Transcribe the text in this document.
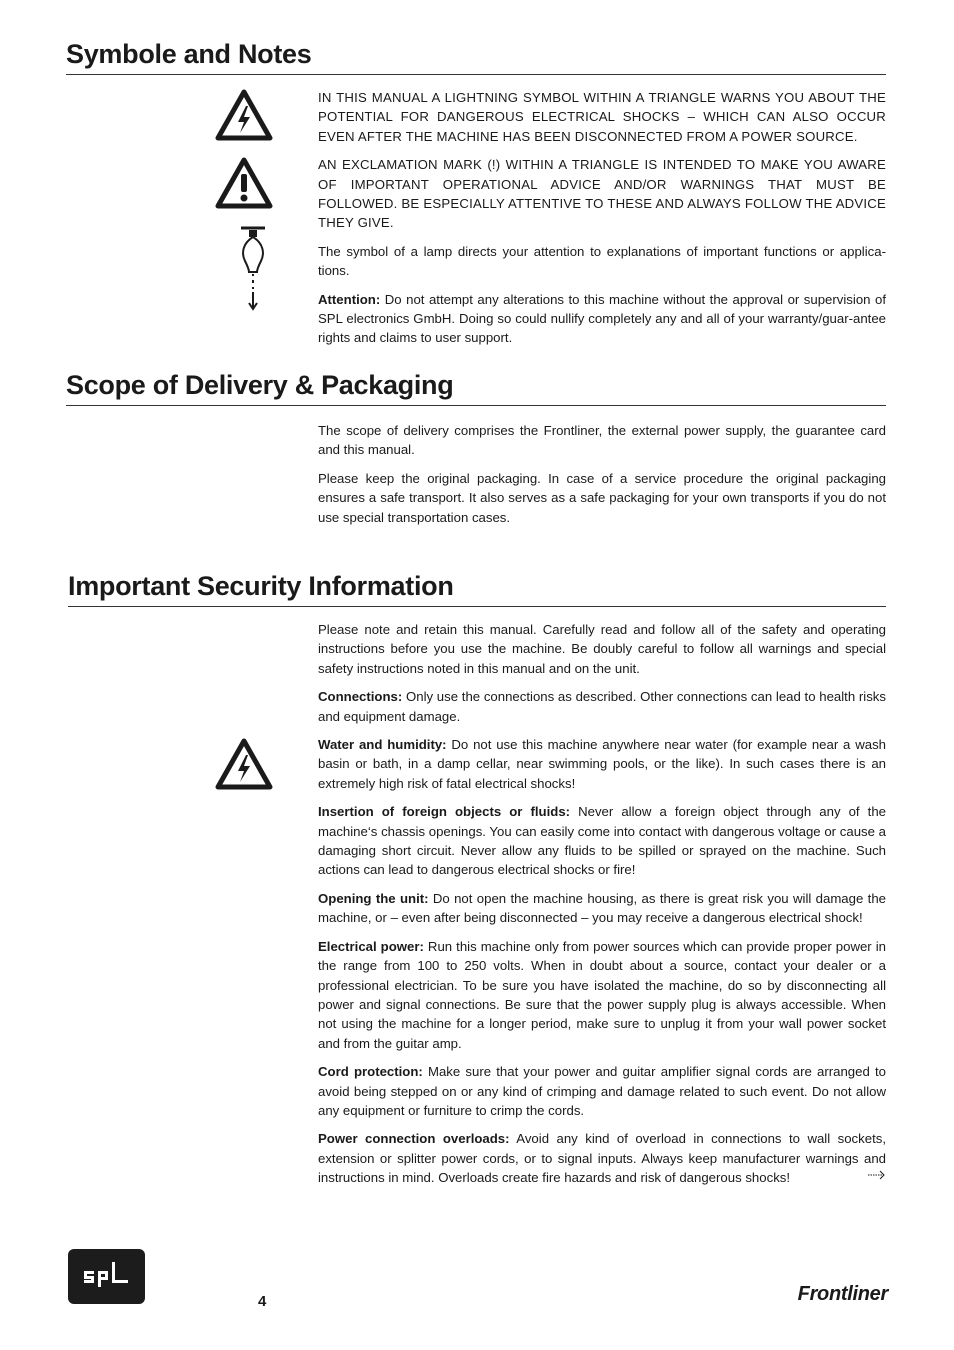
Symbole and Notes

IN THIS MANUAL A LIGHTNING SYMBOL WITHIN A TRIANGLE WARNS YOU ABOUT THE POTENTIAL FOR DANGEROUS ELECTRICAL SHOCKS – WHICH CAN ALSO OCCUR EVEN AFTER THE MACHINE HAS BEEN DISCONNECTED FROM A POWER SOURCE.

AN EXCLAMATION MARK (!) WITHIN A TRIANGLE IS INTENDED TO MAKE YOU AWARE OF IMPORTANT OPERATIONAL ADVICE AND/OR WARNINGS THAT MUST BE FOLLOWED. BE ESPECIALLY ATTENTIVE TO THESE AND ALWAYS FOLLOW THE ADVICE THEY GIVE.

The symbol of a lamp directs your attention to explanations of important functions or applica-tions.

Attention: Do not attempt any alterations to this machine without the approval or supervision of SPL electronics GmbH. Doing so could nullify completely any and all of your warranty/guar-antee rights and claims to user support.

Scope of Delivery & Packaging

The scope of delivery comprises the Frontliner, the external power supply, the guarantee card and this manual.

Please keep the original packaging. In case of a service procedure the original packaging ensures a safe transport. It also serves as a safe packaging for your own transports if you do not use special transportation cases.

Important Security Information

Please note and retain this manual. Carefully read and follow all of the safety and operating instructions before you use the machine. Be doubly careful to follow all warnings and special safety instructions noted in this manual and on the unit.

Connections: Only use the connections as described. Other connections can lead to health risks and equipment damage.

Water and humidity: Do not use this machine anywhere near water (for example near a wash basin or bath, in a damp cellar, near swimming pools, or the like). In such cases there is an extremely high risk of fatal electrical shocks!

Insertion of foreign objects or fluids: Never allow a foreign object through any of the machine‘s chassis openings. You can easily come into contact with dangerous voltage or cause a damaging short circuit. Never allow any fluids to be spilled or sprayed on the machine. Such actions can lead to dangerous electrical shocks or fire!

Opening the unit: Do not open the machine housing, as there is great risk you will damage the machine, or – even after being disconnected – you may receive a dangerous electrical shock!

Electrical power: Run this machine only from power sources which can provide proper power in the range from 100 to 250 volts. When in doubt about a source, contact your dealer or a professional electrician. To be sure you have isolated the machine, do so by disconnecting all power and signal connections. Be sure that the power supply plug is always accessible. When not using the machine for a longer period, make sure to unplug it from your wall power socket and from the guitar amp.

Cord protection: Make sure that your power and guitar amplifier signal cords are arranged to avoid being stepped on or any kind of crimping and damage related to such event. Do not allow any equipment or furniture to crimp the cords.

Power connection overloads: Avoid any kind of overload in connections to wall sockets, extension or splitter power cords, or to signal inputs. Always keep manufacturer warnings and instructions in mind. Overloads create fire hazards and risk of dangerous shocks!

4	Frontliner
